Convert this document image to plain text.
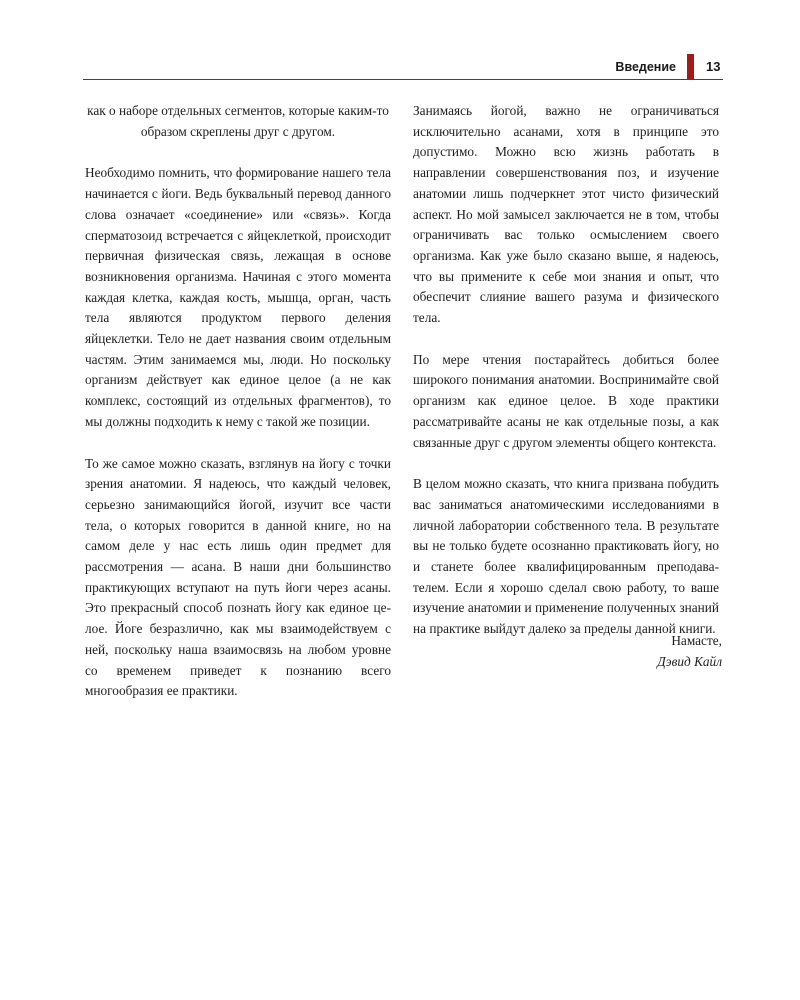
Введение 13

как о наборе отдельных сегментов, которые каким-то образом скреплены друг с другом.

Необходимо помнить, что формирование нашего тела начинается с йоги. Ведь буквальный перевод данного слова означает «соединение» или «связь». Когда сперматозоид встречается с яйцеклеткой, происходит первичная физическая связь, лежащая в основе возникновения организма. Начиная с этого момента каждая клетка, каждая кость, мышца, орган, часть тела являются продуктом первого деления яйцеклетки. Тело не дает названия своим отдельным частям. Этим занимаемся мы, люди. Но поскольку организм действует как единое целое (а не как комплекс, состоящий из отдельных фрагментов), то мы должны подходить к нему с такой же позиции.

То же самое можно сказать, взглянув на йогу с точки зрения анатомии. Я надеюсь, что каждый человек, серьезно занимающийся йогой, изучит все части тела, о которых говорится в данной книге, но на самом деле у нас есть лишь один предмет для рассмотрения — асана. В наши дни большинство практикующих вступают на путь йоги через асаны. Это прекрасный способ познать йогу как единое целое. Йоге безразлично, как мы взаимодействуем с ней, поскольку наша взаимосвязь на любом уровне со временем приведет к познанию всего многообразия ее практики.

Занимаясь йогой, важно не ограничиваться исключительно асанами, хотя в принципе это допустимо. Можно всю жизнь работать в направлении совершенствования поз, и изучение анатомии лишь подчеркнет этот чисто физический аспект. Но мой замысел заключается не в том, чтобы ограничивать вас только осмыслением своего организма. Как уже было сказано выше, я надеюсь, что вы примените к себе мои знания и опыт, что обеспечит слияние вашего разума и физического тела.

По мере чтения постарайтесь добиться более широкого понимания анатомии. Воспринимайте свой организм как единое целое. В ходе практики рассматривайте асаны не как отдельные позы, а как связанные друг с другом элементы общего контекста.

В целом можно сказать, что книга призвана побудить вас заниматься анатомическими исследованиями в личной лаборатории собственного тела. В результате вы не только будете осознанно практиковать йогу, но и станете более квалифицированным преподавателем. Если я хорошо сделал свою работу, то ваше изучение анатомии и применение полученных знаний на практике выйдут далеко за пределы данной книги.

Намасте,
Дэвид Кайл
